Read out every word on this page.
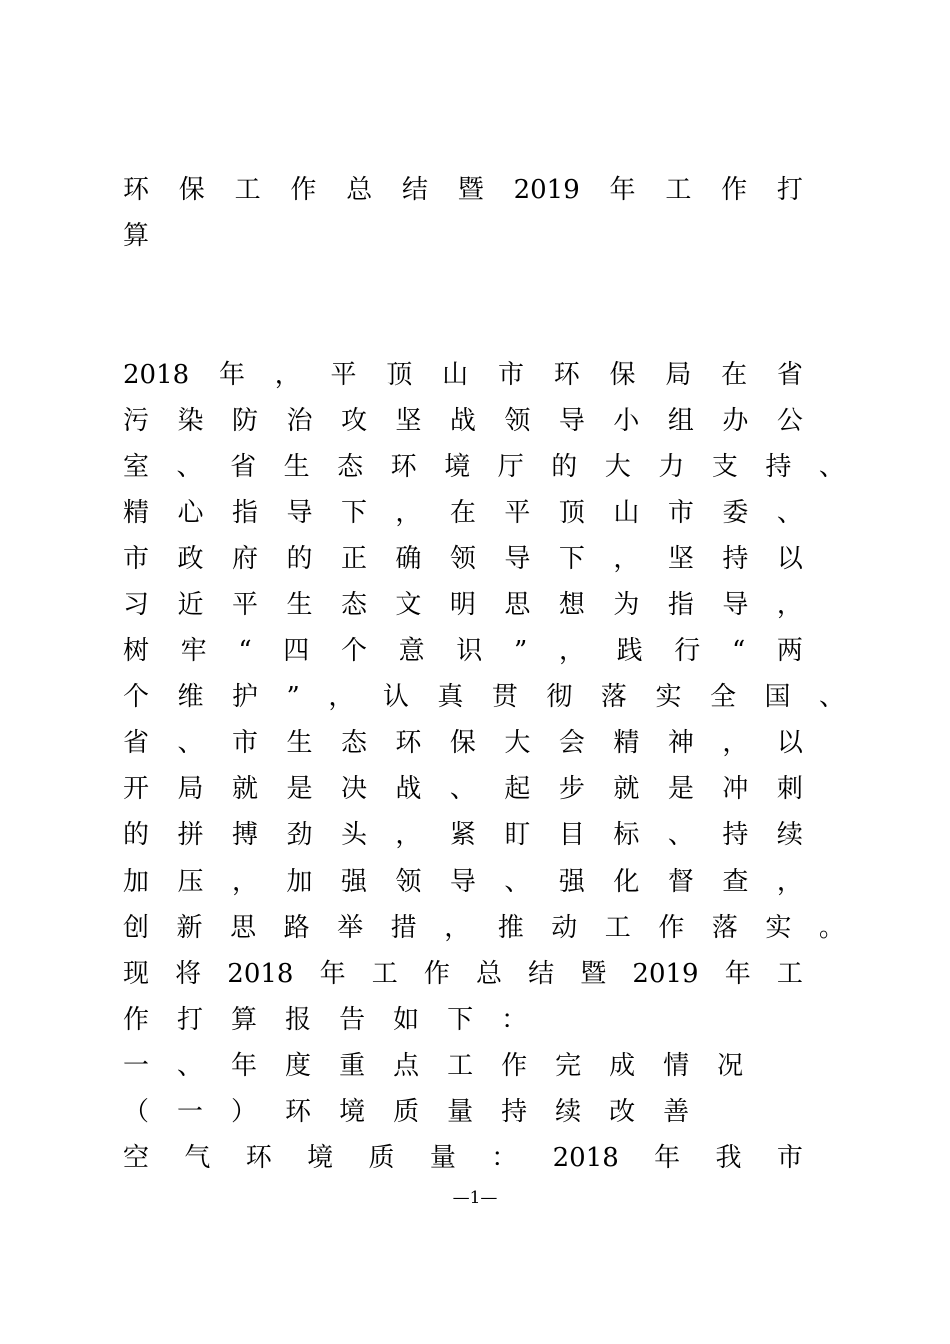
环 保 工 作 总 结 暨 2019 年 工 作 打
算
2018 年 ， 平 顶 山 市 环 保 局 在 省
污 染 防 治 攻 坚 战 领 导 小 组 办 公
室 、 省 生 态 环 境 厅 的 大 力 支 持 、
精 心 指 导 下 ， 在 平 顶 山 市 委 、
市 政 府 的 正 确 领 导 下 ， 坚 持 以
习 近 平 生 态 文 明 思 想 为 指 导 ，
树 牢 “ 四 个 意 识 ” ， 践 行 “ 两
个 维 护 ” ， 认 真 贯 彻 落 实 全 国 、
省 、 市 生 态 环 保 大 会 精 神 ， 以
开 局 就 是 决 战 、 起 步 就 是 冲 刺
的 拼 搏 劲 头 ， 紧 盯 目 标 、 持 续
加 压 ， 加 强 领 导 、 强 化 督 查 ，
创 新 思 路 举 措 ， 推 动 工 作 落 实 。
现 将 2018 年 工 作 总 结 暨 2019 年 工
作 打 算 报 告 如 下 ：
一 、 年 度 重 点 工 作 完 成 情 况
（ 一 ） 环 境 质 量 持 续 改 善
空 气 环 境 质 量 ： 2018 年 我 市
—1—
